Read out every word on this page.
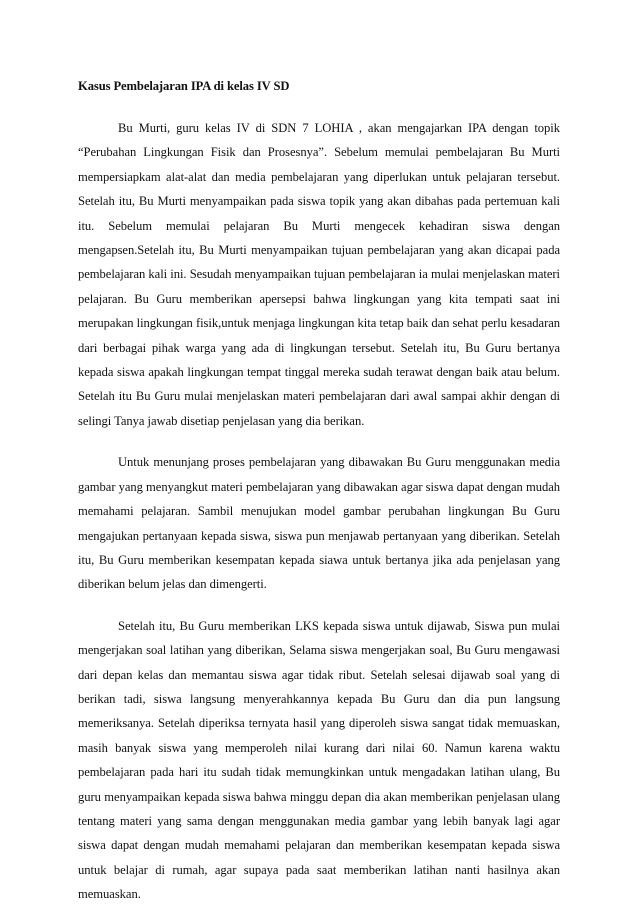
Kasus Pembelajaran IPA di kelas IV SD

Bu Murti, guru kelas IV di SDN 7 LOHIA , akan mengajarkan IPA dengan topik “Perubahan Lingkungan Fisik dan Prosesnya”. Sebelum memulai pembelajaran Bu Murti mempersiapkam alat-alat dan media pembelajaran yang diperlukan untuk pelajaran tersebut. Setelah itu, Bu Murti menyampaikan pada siswa topik yang akan dibahas pada pertemuan kali itu. Sebelum memulai pelajaran Bu Murti mengecek kehadiran siswa dengan mengapsen.Setelah itu, Bu Murti menyampaikan tujuan pembelajaran yang akan dicapai pada pembelajaran kali ini. Sesudah menyampaikan tujuan pembelajaran ia mulai menjelaskan materi pelajaran. Bu Guru memberikan apersepsi bahwa lingkungan yang kita tempati saat ini merupakan lingkungan fisik,untuk menjaga lingkungan kita tetap baik dan sehat perlu kesadaran dari berbagai pihak warga yang ada di lingkungan tersebut. Setelah itu, Bu Guru bertanya kepada siswa apakah lingkungan tempat tinggal mereka sudah terawat dengan baik atau belum. Setelah itu Bu Guru mulai menjelaskan materi pembelajaran dari awal sampai akhir dengan di selingi Tanya jawab disetiap penjelasan yang dia berikan.

Untuk menunjang proses pembelajaran yang dibawakan Bu Guru menggunakan media gambar yang menyangkut materi pembelajaran yang dibawakan agar siswa dapat dengan mudah memahami pelajaran. Sambil menujukan model gambar perubahan lingkungan Bu Guru mengajukan pertanyaan kepada siswa, siswa pun menjawab pertanyaan yang diberikan. Setelah itu, Bu Guru memberikan kesempatan kepada siawa untuk bertanya jika ada penjelasan yang diberikan belum jelas dan dimengerti.

Setelah itu, Bu Guru memberikan LKS kepada siswa untuk dijawab, Siswa pun mulai mengerjakan soal latihan yang diberikan, Selama siswa mengerjakan soal, Bu Guru mengawasi dari depan kelas dan memantau siswa agar tidak ribut. Setelah selesai dijawab soal yang di berikan tadi, siswa langsung menyerahkannya kepada Bu Guru dan dia pun langsung memeriksanya. Setelah diperiksa ternyata hasil yang diperoleh siswa sangat tidak memuaskan, masih banyak siswa yang memperoleh nilai kurang dari nilai 60. Namun karena waktu pembelajaran pada hari itu sudah tidak memungkinkan untuk mengadakan latihan ulang, Bu guru menyampaikan kepada siswa bahwa minggu depan dia akan memberikan penjelasan ulang tentang materi yang sama dengan menggunakan media gambar yang lebih banyak lagi agar siswa dapat dengan mudah memahami pelajaran dan memberikan kesempatan kepada siswa untuk belajar di rumah, agar supaya pada saat memberikan latihan nanti hasilnya akan memuaskan.
